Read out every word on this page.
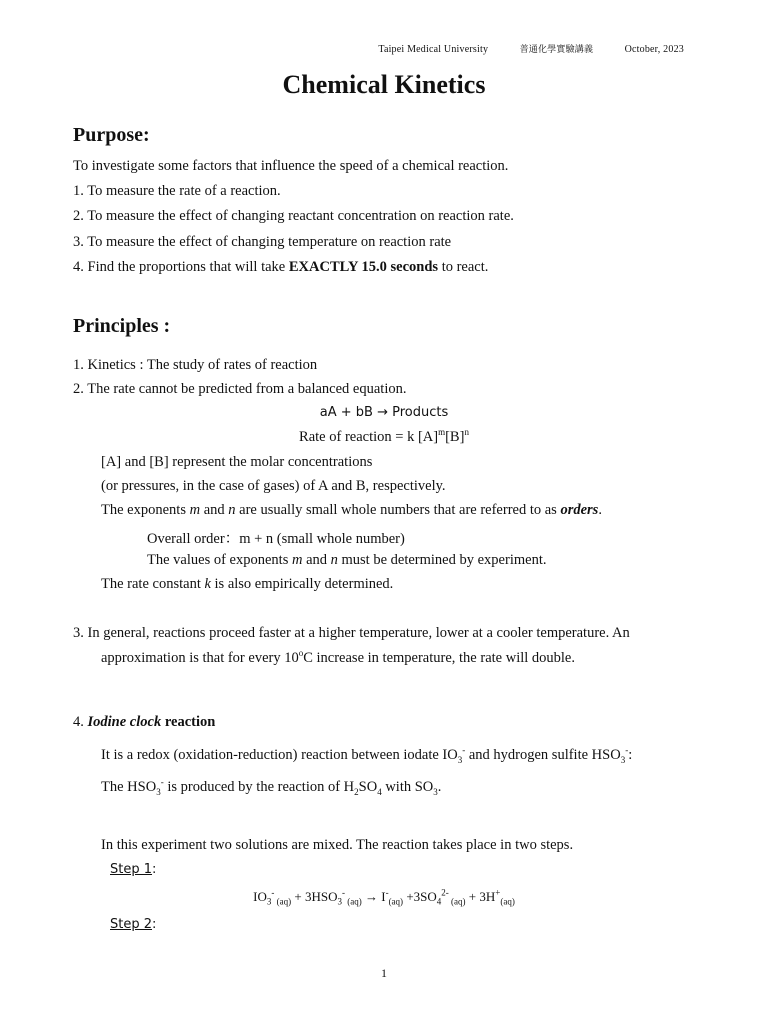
Taipei Medical University	普通化學實驗講義	October, 2023
Chemical Kinetics
Purpose:
To investigate some factors that influence the speed of a chemical reaction.
1. To measure the rate of a reaction.
2. To measure the effect of changing reactant concentration on reaction rate.
3. To measure the effect of changing temperature on reaction rate
4. Find the proportions that will take EXACTLY 15.0 seconds to react.
Principles :
1. Kinetics : The study of rates of reaction
2. The rate cannot be predicted from a balanced equation.
aA + bB → Products
Rate of reaction = k $[A]^m[B]^n$
[A] and [B] represent the molar concentrations
(or pressures, in the case of gases) of A and B, respectively.
The exponents m and n are usually small whole numbers that are referred to as orders.
Overall order：m + n (small whole number)
The values of exponents m and n must be determined by experiment.
The rate constant k is also empirically determined.
3. In general, reactions proceed faster at a higher temperature, lower at a cooler temperature. An
approximation is that for every 10$^o$C increase in temperature, the rate will double.
4. Iodine clock reaction
It is a redox (oxidation-reduction) reaction between iodate $IO_3^-$ and hydrogen sulfite $HSO_3^-$:
The $HSO_3^-$ is produced by the reaction of $H_2SO_4$ with $SO_3$.
In this experiment two solutions are mixed. The reaction takes place in two steps.
Step 1:
$IO_3^-$ $_{(aq)} + 3HSO_3^-$ $_{(aq)} \to I^-_{(aq)} +3SO_4^{2-}$ $_{(aq)} + 3H^+_{(aq)}$
Step 2:
1
